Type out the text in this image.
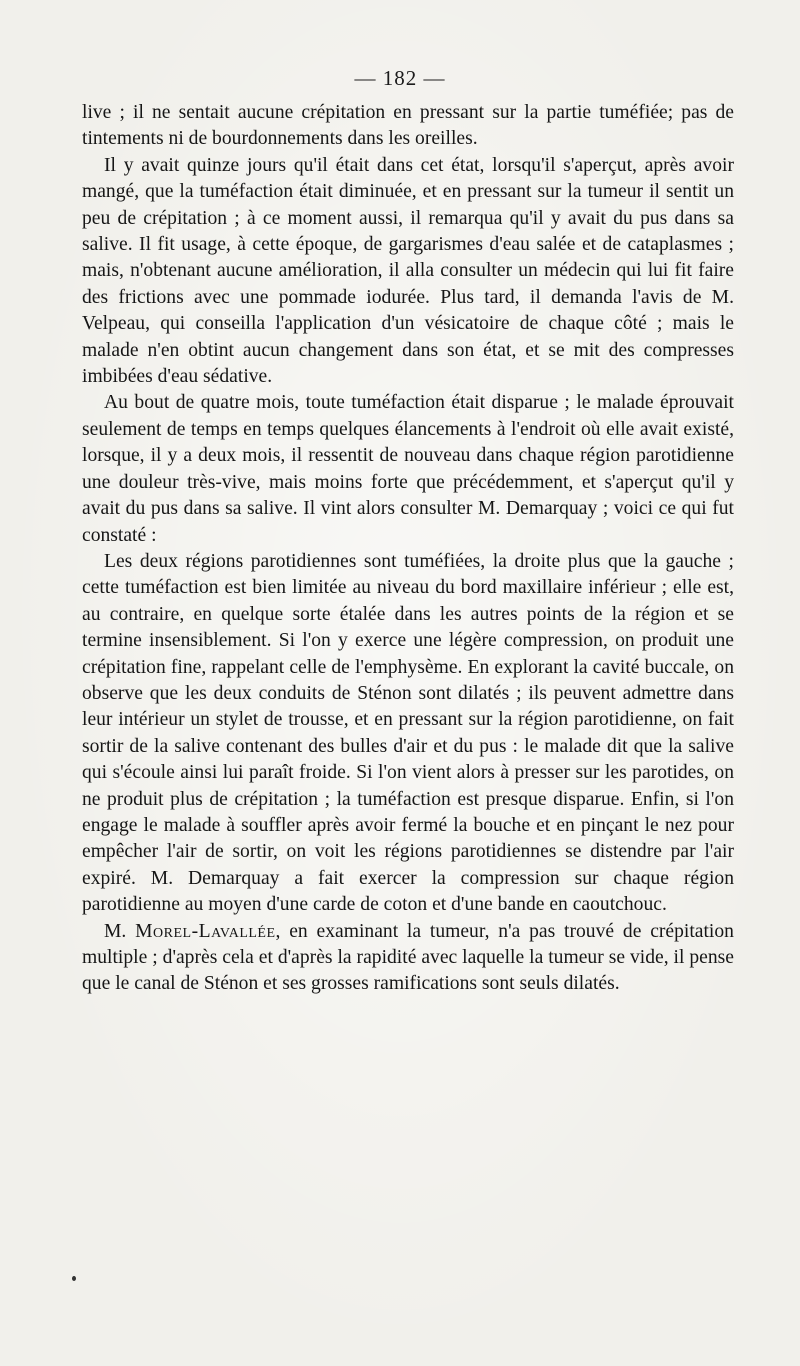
— 182 —

live ; il ne sentait aucune crépitation en pressant sur la partie tuméfiée; pas de tintements ni de bourdonnements dans les oreilles.

Il y avait quinze jours qu'il était dans cet état, lorsqu'il s'aperçut, après avoir mangé, que la tuméfaction était diminuée, et en pressant sur la tumeur il sentit un peu de crépitation ; à ce moment aussi, il remarqua qu'il y avait du pus dans sa salive. Il fit usage, à cette époque, de gargarismes d'eau salée et de cataplasmes ; mais, n'obtenant aucune amélioration, il alla consulter un médecin qui lui fit faire des frictions avec une pommade iodurée. Plus tard, il demanda l'avis de M. Velpeau, qui conseilla l'application d'un vésicatoire de chaque côté ; mais le malade n'en obtint aucun changement dans son état, et se mit des compresses imbibées d'eau sédative.

Au bout de quatre mois, toute tuméfaction était disparue ; le malade éprouvait seulement de temps en temps quelques élancements à l'endroit où elle avait existé, lorsque, il y a deux mois, il ressentit de nouveau dans chaque région parotidienne une douleur très-vive, mais moins forte que précédemment, et s'aperçut qu'il y avait du pus dans sa salive. Il vint alors consulter M. Demarquay ; voici ce qui fut constaté :

Les deux régions parotidiennes sont tuméfiées, la droite plus que la gauche ; cette tuméfaction est bien limitée au niveau du bord maxillaire inférieur ; elle est, au contraire, en quelque sorte étalée dans les autres points de la région et se termine insensiblement. Si l'on y exerce une légère compression, on produit une crépitation fine, rappelant celle de l'emphysème. En explorant la cavité buccale, on observe que les deux conduits de Sténon sont dilatés ; ils peuvent admettre dans leur intérieur un stylet de trousse, et en pressant sur la région parotidienne, on fait sortir de la salive contenant des bulles d'air et du pus : le malade dit que la salive qui s'écoule ainsi lui paraît froide. Si l'on vient alors à presser sur les parotides, on ne produit plus de crépitation ; la tuméfaction est presque disparue. Enfin, si l'on engage le malade à souffler après avoir fermé la bouche et en pinçant le nez pour empêcher l'air de sortir, on voit les régions parotidiennes se distendre par l'air expiré. M. Demarquay a fait exercer la compression sur chaque région parotidienne au moyen d'une carde de coton et d'une bande en caoutchouc.

M. Morel-Lavallée, en examinant la tumeur, n'a pas trouvé de crépitation multiple ; d'après cela et d'après la rapidité avec laquelle la tumeur se vide, il pense que le canal de Sténon et ses grosses ramifications sont seuls dilatés.
